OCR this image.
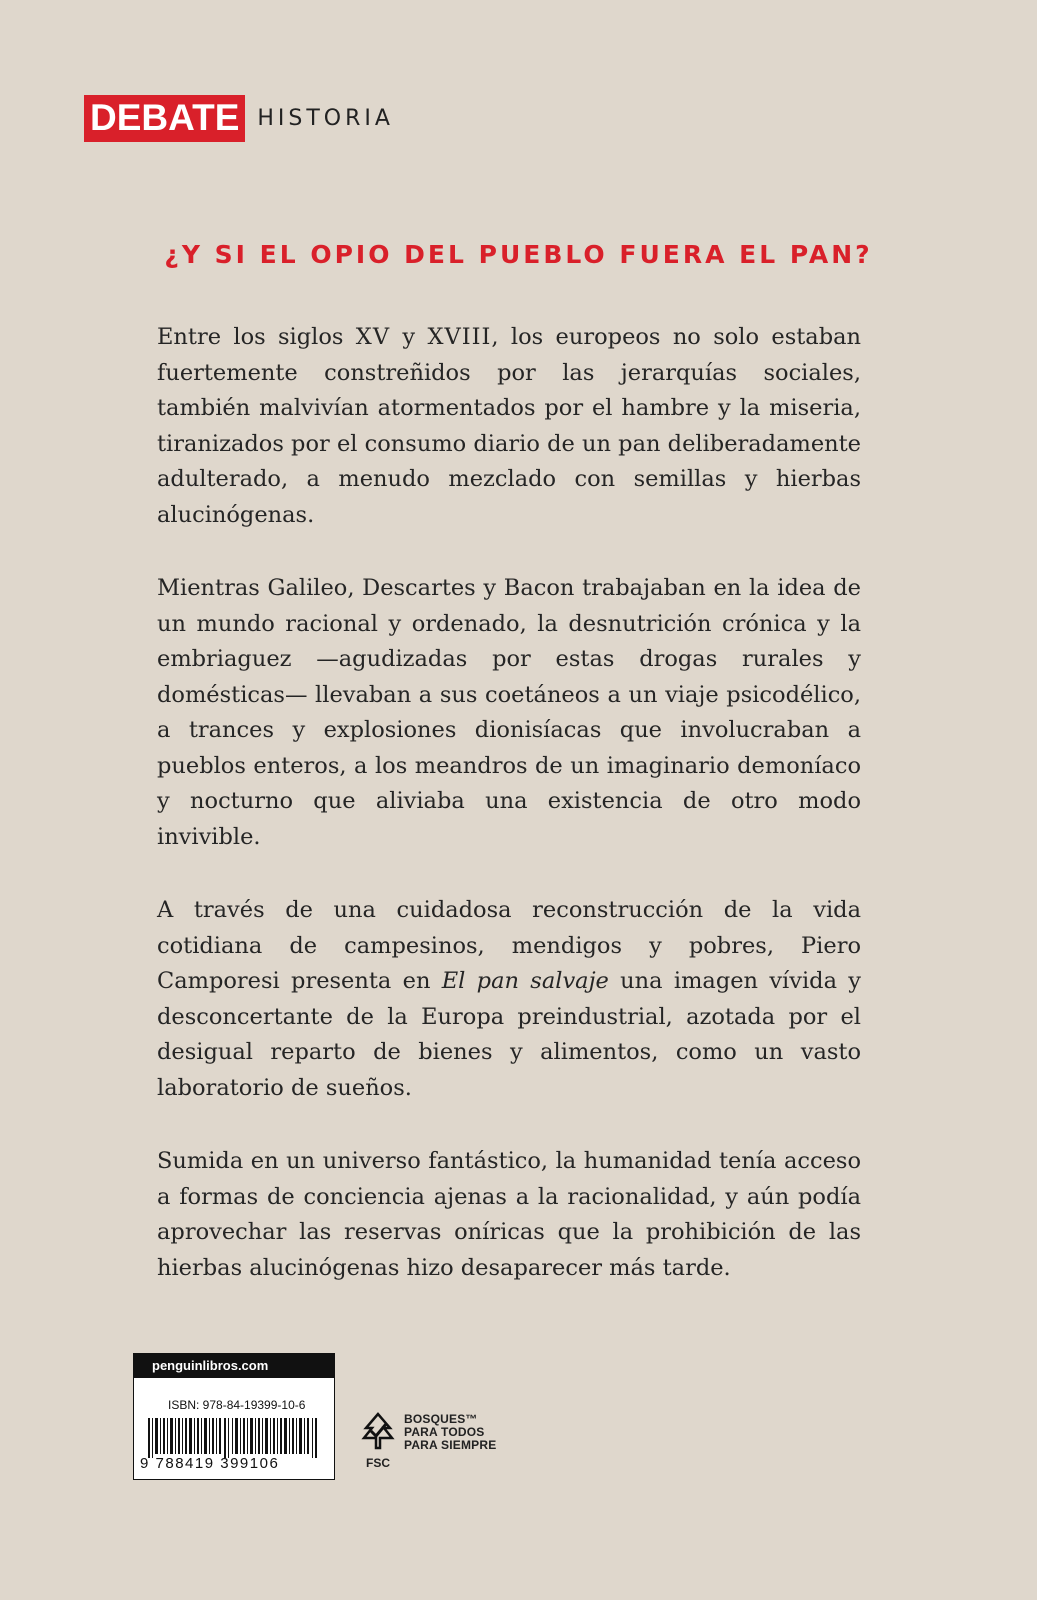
DEBATE HISTORIA
¿Y SI EL OPIO DEL PUEBLO FUERA EL PAN?

Entre los siglos XV y XVIII, los europeos no solo estaban fuertemente constreñidos por las jerarquías sociales, también malvivían atormentados por el hambre y la miseria, tiranizados por el consumo diario de un pan deliberadamente adulterado, a menudo mezclado con semillas y hierbas alucinógenas.

Mientras Galileo, Descartes y Bacon trabajaban en la idea de un mundo racional y ordenado, la desnutrición crónica y la embriaguez —agudizadas por estas drogas rurales y domésticas— llevaban a sus coetáneos a un viaje psicodélico, a trances y explosiones dionisíacas que involucraban a pueblos enteros, a los meandros de un imaginario demoníaco y nocturno que aliviaba una existencia de otro modo invivible.

A través de una cuidadosa reconstrucción de la vida cotidiana de campesinos, mendigos y pobres, Piero Camporesi presenta en El pan salvaje una imagen vívida y desconcertante de la Europa preindustrial, azotada por el desigual reparto de bienes y alimentos, como un vasto laboratorio de sueños.

Sumida en un universo fantástico, la humanidad tenía acceso a formas de conciencia ajenas a la racionalidad, y aún podía aprovechar las reservas oníricas que la prohibición de las hierbas alucinógenas hizo desaparecer más tarde.

penguinlibros.com
ISBN: 978-84-19399-10-6
9 788419 399106	FSC
BOSQUES™
PARA TODOS
PARA SIEMPRE
